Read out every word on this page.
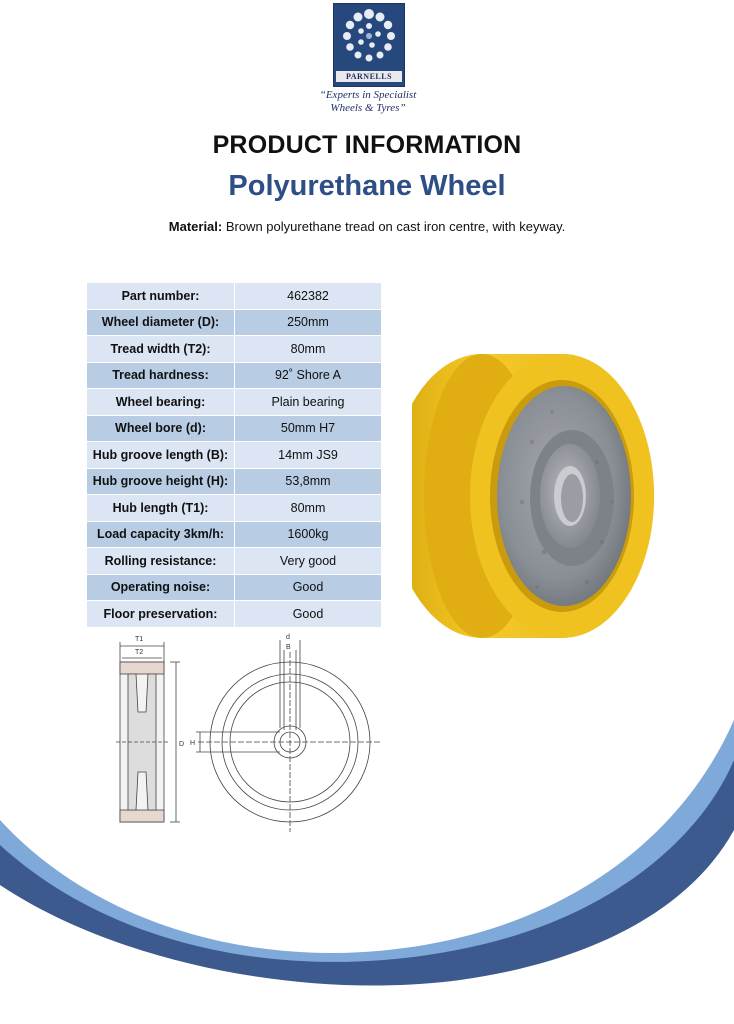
PARNELLS
“Experts in Specialist
Wheels & Tyres”
PRODUCT INFORMATION
Polyurethane Wheel
Material: Brown polyurethane tread on cast iron centre, with keyway.
Part number:	462382
Wheel diameter (D):	250mm
Tread width (T2):	80mm
Tread hardness:	92˚ Shore A
Wheel bearing:	Plain bearing
Wheel bore (d):	50mm H7
Hub groove length (B):	14mm JS9
Hub groove height (H):	53,8mm
Hub length (T1):	80mm
Load capacity 3km/h:	1600kg
Rolling resistance:	Very good
Operating noise:	Good
Floor preservation:	Good
T1
T2
d
B
H
D
